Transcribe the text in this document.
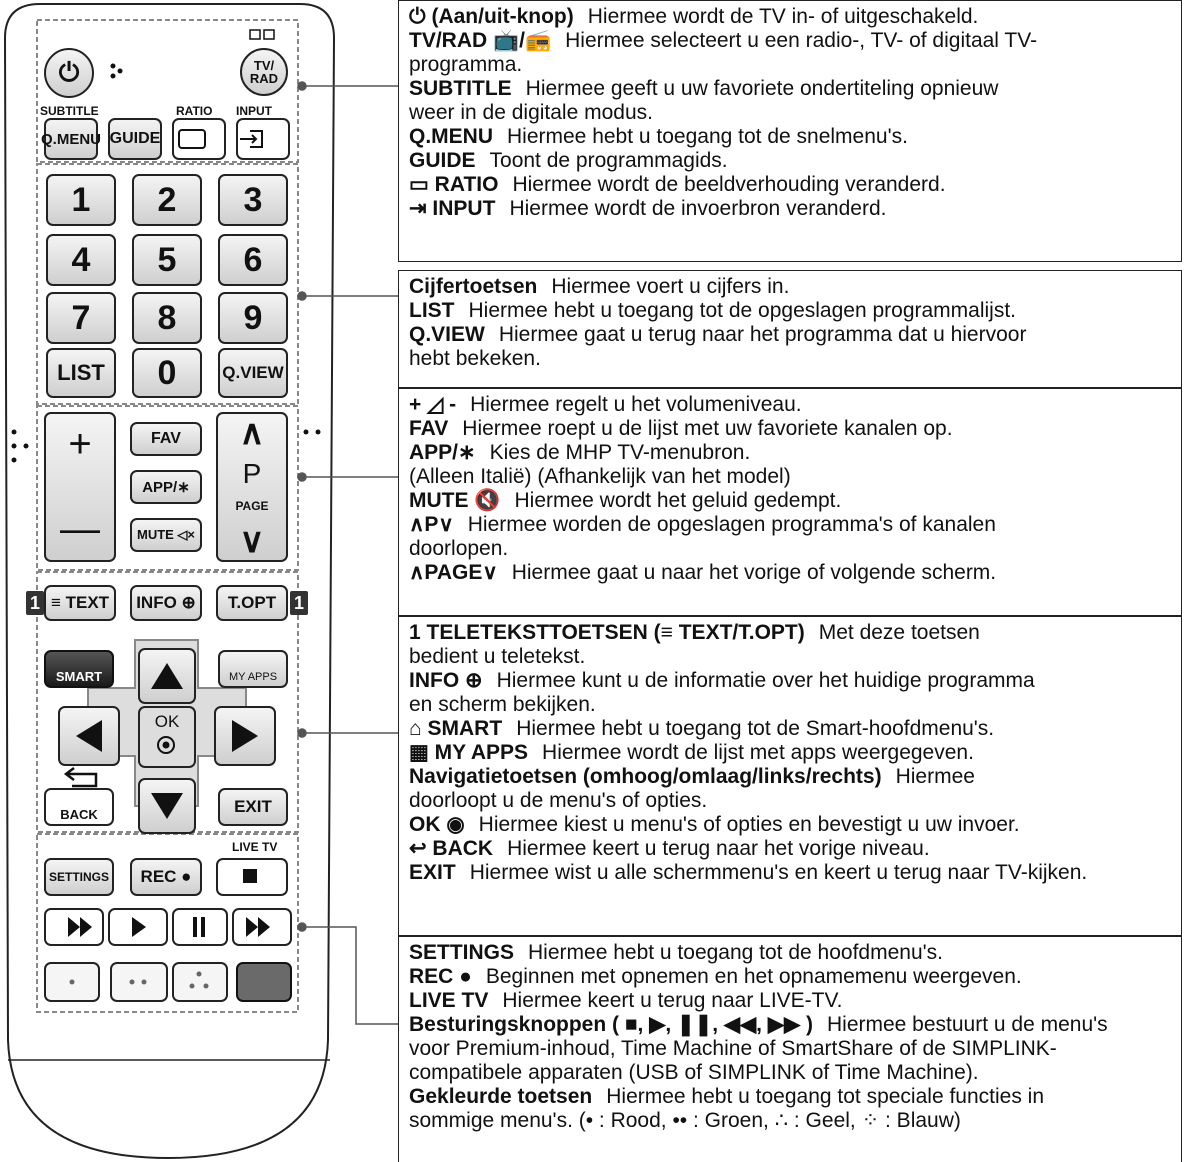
⏻	TV/
RAD
SUBTITLE	RATIO INPUT
Q.MENU GUIDE
1	2	3
4	5	6
7	8	9
LIST	0	Q.VIEW
+
—
FAV
APP/∗
MUTE ◁×
∧
P
PAGE
∨
≡ TEXT	INFO ⊕	T.OPT
1	1
SMART	MY APPS
OK
BACK	EXIT
LIVE TV
SETTINGS	REC ●
⏻ (Aan/uit-knop) Hiermee wordt de TV in- of uitgeschakeld.
TV/RAD 📺/📻 Hiermee selecteert u een radio-, TV- of digitaal TV-
programma.
SUBTITLE Hiermee geeft u uw favoriete ondertiteling opnieuw
weer in de digitale modus.
Q.MENU Hiermee hebt u toegang tot de snelmenu's.
GUIDE Toont de programmagids.
▭ RATIO Hiermee wordt de beeldverhouding veranderd.
⇥ INPUT Hiermee wordt de invoerbron veranderd.
Cijfertoetsen Hiermee voert u cijfers in.
LIST Hiermee hebt u toegang tot de opgeslagen programmalijst.
Q.VIEW Hiermee gaat u terug naar het programma dat u hiervoor
hebt bekeken.
+ ◿ - Hiermee regelt u het volumeniveau.
FAV Hiermee roept u de lijst met uw favoriete kanalen op.
APP/∗ Kies de MHP TV-menubron.
(Alleen Italië) (Afhankelijk van het model)
MUTE 🔇 Hiermee wordt het geluid gedempt.
∧P∨ Hiermee worden de opgeslagen programma's of kanalen
doorlopen.
∧PAGE∨ Hiermee gaat u naar het vorige of volgende scherm.
1 TELETEKSTTOETSEN (≡ TEXT/T.OPT) Met deze toetsen
bedient u teletekst.
INFO ⊕ Hiermee kunt u de informatie over het huidige programma
en scherm bekijken.
⌂ SMART Hiermee hebt u toegang tot de Smart-hoofdmenu's.
▦ MY APPS Hiermee wordt de lijst met apps weergegeven.
Navigatietoetsen (omhoog/omlaag/links/rechts) Hiermee
doorloopt u de menu's of opties.
OK ◉ Hiermee kiest u menu's of opties en bevestigt u uw invoer.
↩ BACK Hiermee keert u terug naar het vorige niveau.
EXIT Hiermee wist u alle schermmenu's en keert u terug naar TV-kijken.
SETTINGS Hiermee hebt u toegang tot de hoofdmenu's.
REC ● Beginnen met opnemen en het opnamemenu weergeven.
LIVE TV Hiermee keert u terug naar LIVE-TV.
Besturingsknoppen ( ■, ▶, ❚❚, ◀◀, ▶▶ ) Hiermee bestuurt u de menu's
voor Premium-inhoud, Time Machine of SmartShare of de SIMPLINK-
compatibele apparaten (USB of SIMPLINK of Time Machine).
Gekleurde toetsen Hiermee hebt u toegang tot speciale functies in
sommige menu's. (• : Rood, •• : Groen, ∴ : Geel, ⁘ : Blauw)
